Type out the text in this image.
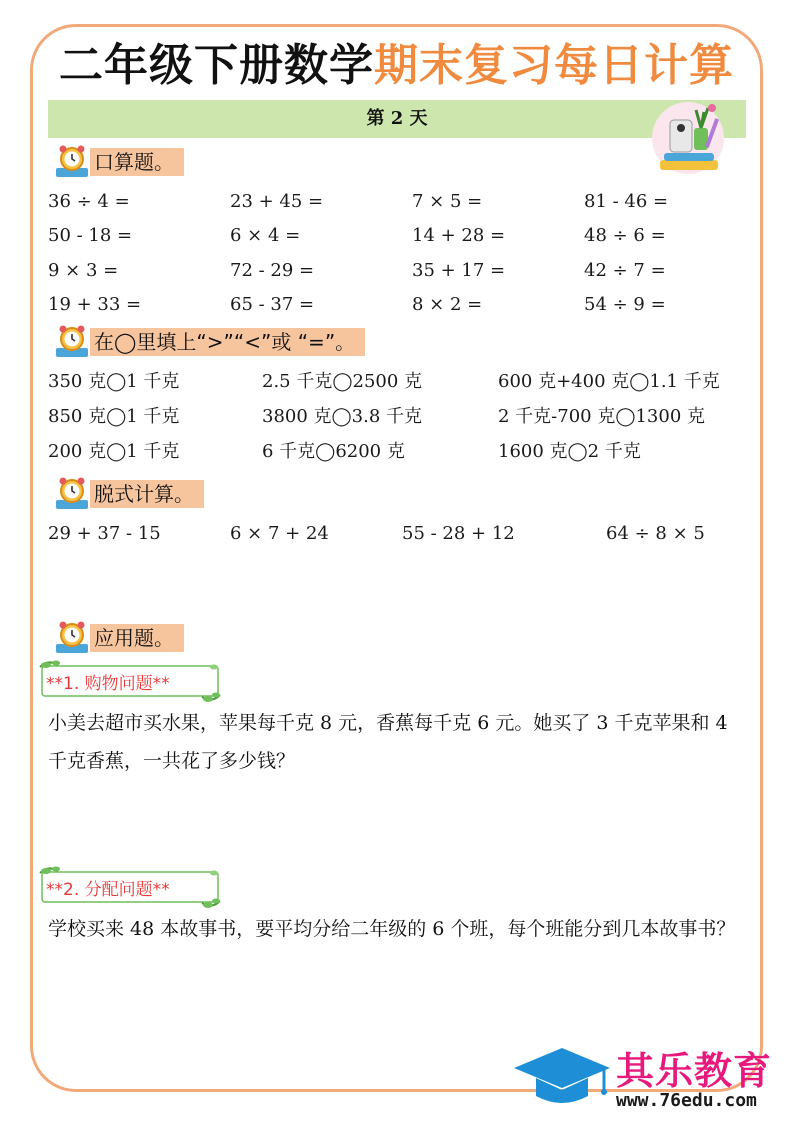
二年级下册数学期末复习每日计算
第 2 天
口算题。
36 ÷ 4 =	23 + 45 =	7 × 5 =	81 - 46 =
50 - 18 =	6 × 4 =	14 + 28 =	48 ÷ 6 =
9 × 3 =	72 - 29 =	35 + 17 =	42 ÷ 7 =
19 + 33 =	65 - 37 =	8 × 2 =	54 ÷ 9 =
在◯里填上“>”“<”或 “=”。
350 克◯1 千克	2.5 千克◯2500 克	600 克+400 克◯1.1 千克
850 克◯1 千克	3800 克◯3.8 千克	2 千克-700 克◯1300 克
200 克◯1 千克	6 千克◯6200 克	1600 克◯2 千克
脱式计算。
29 + 37 - 15	6 × 7 + 24	55 - 28 + 12	64 ÷ 8 × 5
应用题。
**1. 购物问题**
小美去超市买水果，苹果每千克 8 元，香蕉每千克 6 元。她买了 3 千克苹果和 4 千克香蕉，一共花了多少钱？
**2. 分配问题**
学校买来 48 本故事书，要平均分给二年级的 6 个班，每个班能分到几本故事书？
其乐教育
www.76edu.com
